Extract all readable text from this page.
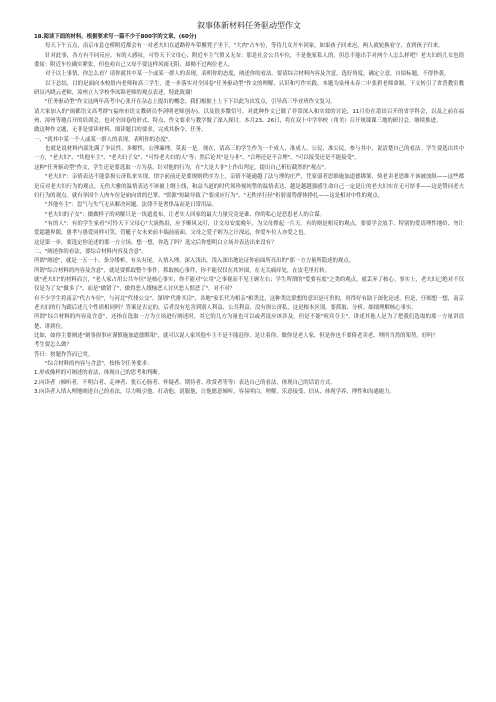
叙事体新材料任务驱动型作文

18.阅读下面的材料，根据要求写一篇不少于800字的文章。(60分)

每天下午五点，南京市息仓桥附近都会有一对老夫妇在道路停车带搬凳子坐下，"大肉"占车位，等待儿女开车回家，如果孩子回来迟，两人就轮换看守，直到孩子归来。

针对此事，各方有不同反应。有的人感叹，可怜天下父母心；附近车主气愤又无奈：那是社会公共车位，不是他家私人的，但总不能出手对两个人怎么样吧？老夫妇的儿女也很委屈：附近车位确实紧张，但也劝自己父母不要这样风雨无阻，却拗不过两位老人。

对于以上事情，你怎么看？请你就其中某一个或某一群人的表现，表明你的态度，阐述你的看法。要请综合材料内容及含意，选好角度，确定立意，自拟标题，不得抄袭。

以下总结，目的是面向本校组内老师和高三学生，进一步落实对全国卷"任务驱动型"作文的理解、认识和写作实践。本题为泉州永春二中张碧老师命制。下文转引了省普教室教研员冯晓云老师、漳州立人学校李凤锦老师的观点表述，特此致谢！

"任务驱动型"作文这两年高考中心张开在杂志上提出的概念。我们根据上上下下以此为出发点，引导高三毕业班作文复习。

请大家加入的"闽都语文高考群"(福州市语文教研员李剑明老师创办)，以及很多微信号，对此种作文已做了非常深入和实效的讨论，11月份在莆田召开的省学科会，以及之前在福州、漳州等地召开的培训会，也对全国卷的形式、特点、作文要求与教学做了深入探讨。本月23、26日，将在双十中学举校（角美）召开规课课三地的研讨会，继续推进。

做这种作文题，无非是要读材料、细读题目的要求，完成其指令、任务。

一、"就其中某一个人或某一群人的表现，表明你的态度"。

也就是说材料内部先满了争议性，多解性，公理廉理，莫衷一是。现在，请高三的学生作为一个成人、准成人、公民、准公民，参与其中，说清楚自己的看法。学生要选出其中一方，"老夫妇"、"其他车主"、"老夫妇子女"、"可怜老夫妇的人"等；然后论其"是与非"、"合理还是不合理"、"可以接受还是不能接受"。

这种"任务驱动型"作文，学生还是要选取一方为基，针对他的行为，在"大是大非"上作出判定，提出自己析衍截然的"观点"。

"老夫妇"：亲情表达不能靠损公济私来实现，情字前前还是要规则秩序为上，亲情不能逾越了法与理的庄严，凭家弱者思维施加道德绑架、倚老卖老思维不该被放纵——这些都是反对老夫妇行为的观点。无伤大雅的温情表达不该被上纲上线，和益当道的时代须珍视纯挚的温情表达，越是越越强感生命自己一定是让的老夫妇实在无可厚非——这是赞同老夫妇行为的观点。就有举国个人肉车位是崩向省的巴掌、"资源"短缺导致了"要成应行为"、"无秩序行径"折射弱势群体挣扎——这是相对中性的观点。

"其他车主"：忽气与失气无从解决问题、法律不是奢侈品而是日常用品。

"老夫妇的子女"：做做样子的劝解只是一块遮羞布，让老实人回家的最大力量究竟是谁、你的私心是恶患老人的合谋。

"有的人"：有的学生家看"可怜天下父母心"大滚热泪，应予顺风又叮，让文母安度晚年，为父母撑起一片天。有的则是相反的观点，要要学会放手、特别的爱请理性地给、勿让爱超越界限，愚孝与愚爱同样可笑、管艇子女未来前丰瑞前前面。父母之爱子则为之计深远，你爱车位人亦爱之也。

这是第一步，要选定你论述的那一方立场。想一想，你选了吗？选完后你想明白立场并表达出来没有？

二、"阐述你的看法，要综合材料内容及含意"。

所谓"阐述"，就是一五一十、条分缕析，有头有尾，入情入理，深入浅出，浅入深出地论证你前面所亮出的"那一方力量所隐述的观点。

所谓"综合材料的内容及含意"，就是要抓取整个事件，抓取核心事件，你不能仅仅在其外围，在无关痛痒处，在皮毛里打转。

就"老夫妇"的材料而言，"老人家占用公共车位"是核心事实，你不能对"公用"之事视而不见王顾左右；学生所谓的"爱要有度"之类的观点，就丢弃了核心。事实上，老夫妇已绝对不仅仅是为了女"做多了"，而是"做错了"、做得恶人缀恼恶人讨厌恶人恨恶了"。对不对？

有不少学生将南京"代占车位"，与河北"代排公交"、深圳"代排买房"、各地"家长代为相亲"相类比，这种类比联想的意识是可贵的，用得好有助于深化论述，但是，仔细想一想，南京老夫妇的行为跟后述几个性质相同吗？答案是否定的，后者没有危害到别人利益、公共利益，没有损公济私，这是根本区别。要抓取、分析、细细理解核心事实。

所谓"综合材料的内容及含意"，还指在选取一方为立场进行阐述时，其它的几方为量也可以或者说应该涉及，但是不能"喧宾夺主"，讲述其他人是为了把我们选取的那一方量讲清楚、讲到位。

比如，如你主要阐述"刻事损事应谨慎施加道德绑架"，就可以说人家其他车主不是不能赶你，是让着你，做你是老人家，但是你也不要倚老卖老、理所当然的架势，好吗？

考生要怎么做？

答曰：按题作答而已矣。

"综合材料的内容与含意"，按指令任务要求：

1.形成像样的可阐述的看法，体现自己的思考和判断。

2.向读者（倾听者，不明白者、走神者、犹石心肠者、怀疑者、期待者、欣赏者等等）表达自己的看法，体现自己的话语方式。

3.向读者入情入理地阐述自己的看法，尽力吸引他、打动他、说服他，让他愿意倾听，容易明白，理解，乐意接受、信从，体现学养、理性和沟通能力。
